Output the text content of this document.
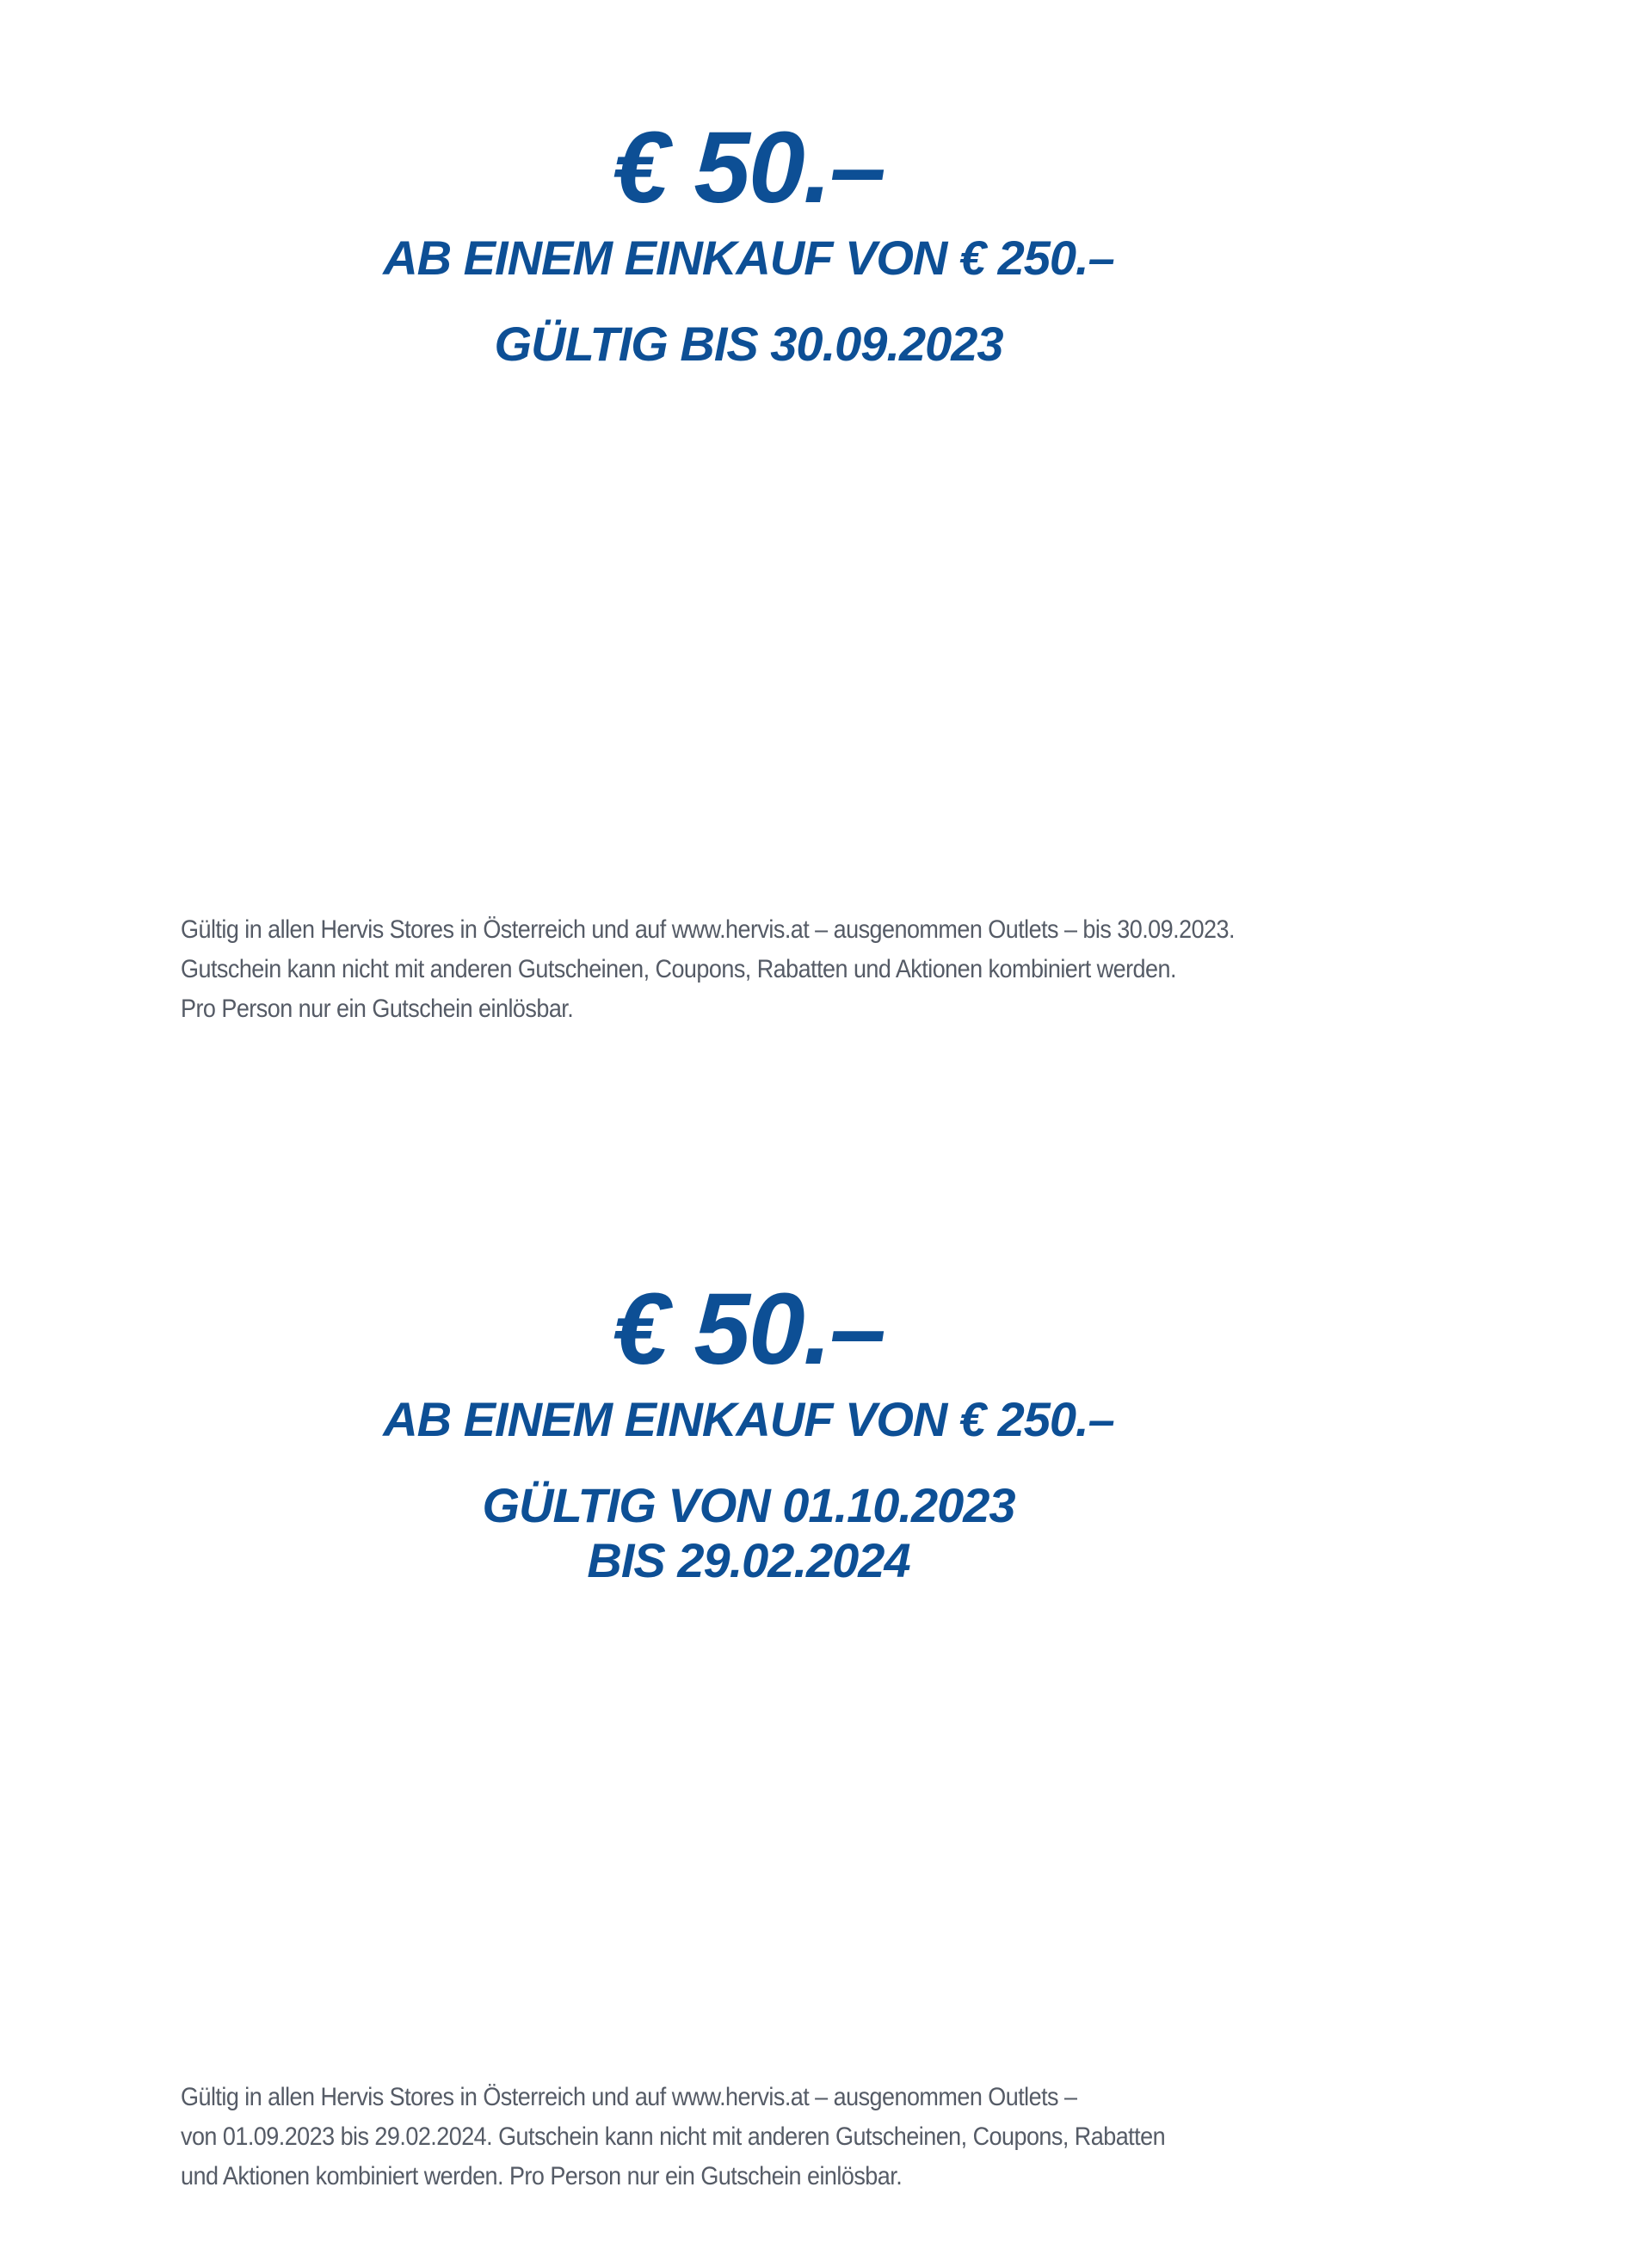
€ 50.–
AB EINEM EINKAUF VON € 250.–
GÜLTIG BIS 30.09.2023
Gültig in allen Hervis Stores in Österreich und auf www.hervis.at – ausgenommen Outlets – bis 30.09.2023.
Gutschein kann nicht mit anderen Gutscheinen, Coupons, Rabatten und Aktionen kombiniert werden.
Pro Person nur ein Gutschein einlösbar.
€ 50.–
AB EINEM EINKAUF VON € 250.–
GÜLTIG VON 01.10.2023
BIS 29.02.2024
Gültig in allen Hervis Stores in Österreich und auf www.hervis.at – ausgenommen Outlets –
von 01.09.2023 bis 29.02.2024. Gutschein kann nicht mit anderen Gutscheinen, Coupons, Rabatten
und Aktionen kombiniert werden. Pro Person nur ein Gutschein einlösbar.
